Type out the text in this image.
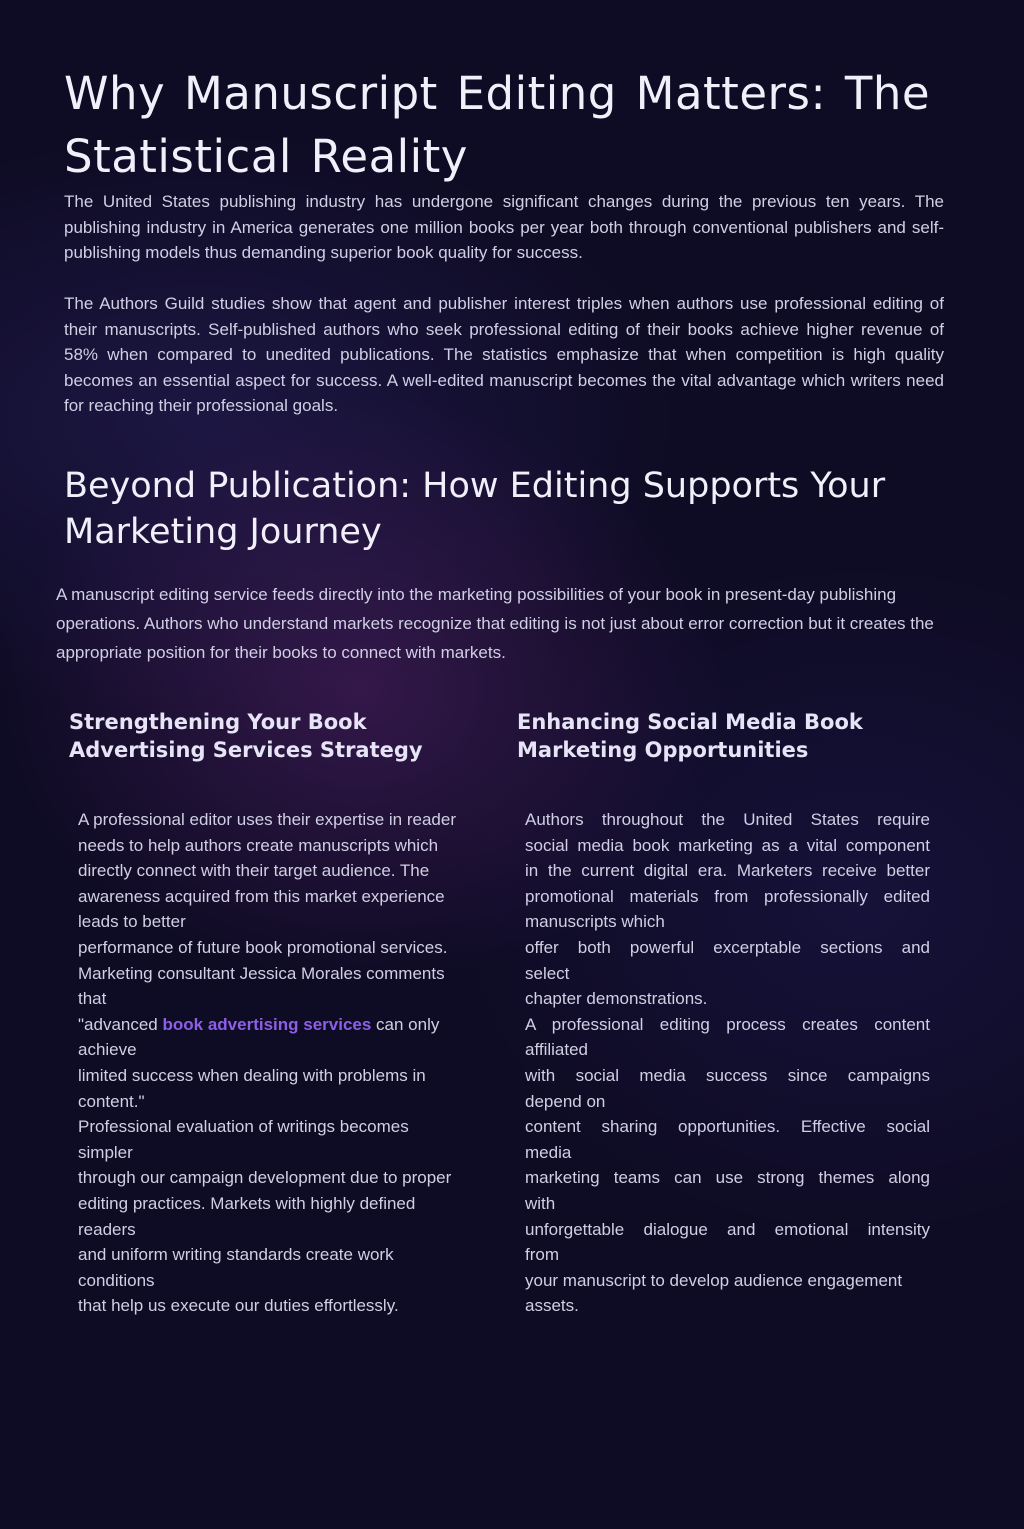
Why Manuscript Editing Matters: The Statistical Reality

The United States publishing industry has undergone significant changes during the previous ten years. The publishing industry in America generates one million books per year both through conventional publishers and self-publishing models thus demanding superior book quality for success.

The Authors Guild studies show that agent and publisher interest triples when authors use professional editing of their manuscripts. Self-published authors who seek professional editing of their books achieve higher revenue of 58% when compared to unedited publications. The statistics emphasize that when competition is high quality becomes an essential aspect for success. A well-edited manuscript becomes the vital advantage which writers need for reaching their professional goals.

Beyond Publication: How Editing Supports Your Marketing Journey

A manuscript editing service feeds directly into the marketing possibilities of your book in present-day publishing operations. Authors who understand markets recognize that editing is not just about error correction but it creates the appropriate position for their books to connect with markets.

Strengthening Your Book Advertising Services Strategy
Enhancing Social Media Book Marketing Opportunities
A professional editor uses their expertise in reader
needs to help authors create manuscripts which
directly connect with their target audience. The
awareness acquired from this market experience
leads to better
performance of future book promotional services.
Marketing consultant Jessica Morales comments
that
"advanced book advertising services can only
achieve
limited success when dealing with problems in
content."
Professional evaluation of writings becomes
simpler
through our campaign development due to proper
editing practices. Markets with highly defined
readers
and uniform writing standards create work
conditions
that help us execute our duties effortlessly.
Authors throughout the United States require
social media book marketing as a vital component
in the current digital era. Marketers receive better
promotional materials from professionally edited
manuscripts which
offer both powerful excerptable sections and
select
chapter demonstrations.
A professional editing process creates content
affiliated
with social media success since campaigns
depend on
content sharing opportunities. Effective social
media
marketing teams can use strong themes along
with
unforgettable dialogue and emotional intensity
from
your manuscript to develop audience engagement
assets.
